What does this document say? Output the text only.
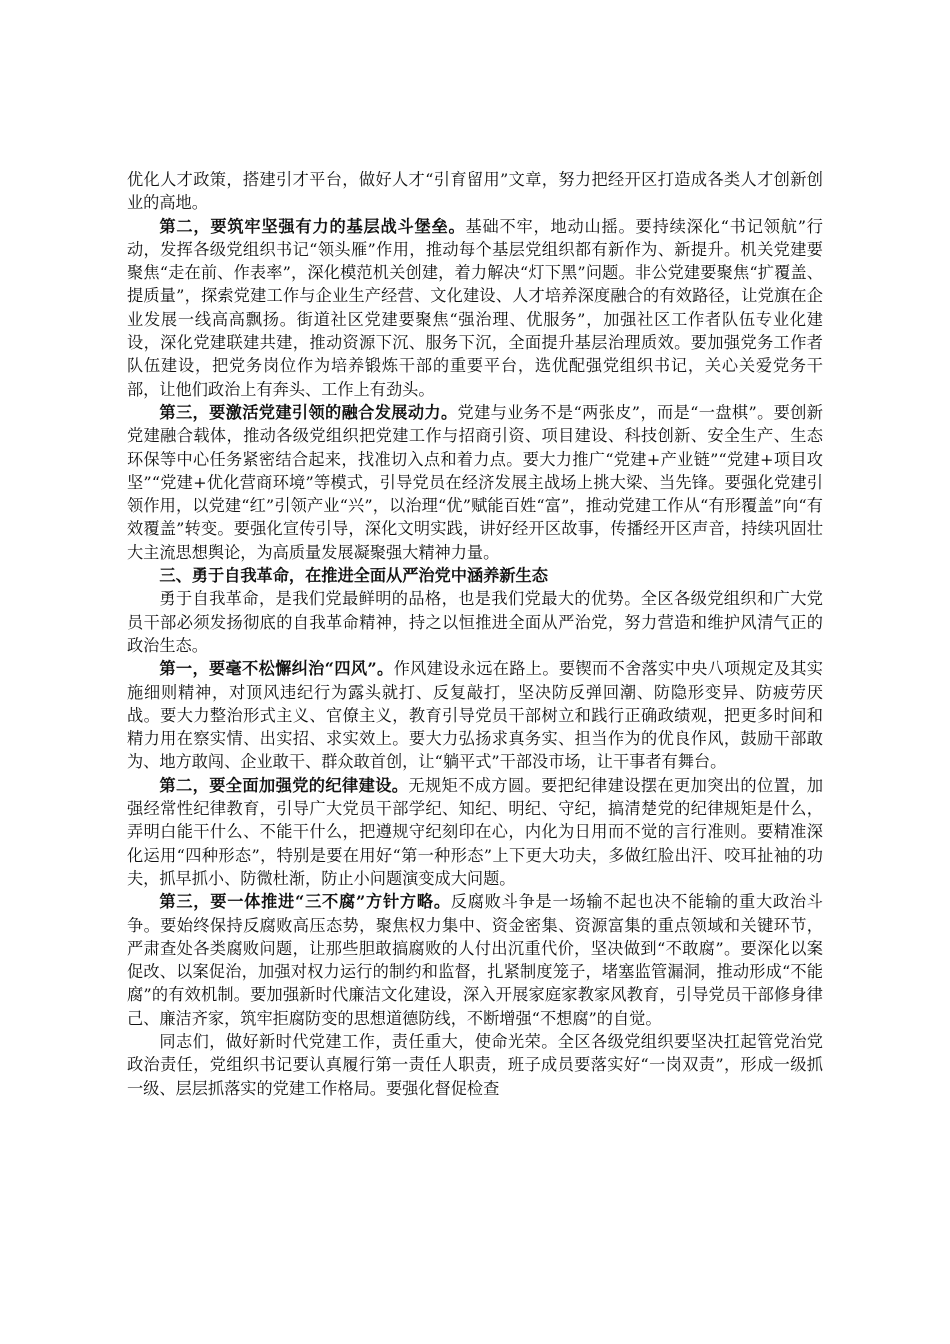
优化人才政策，搭建引才平台，做好人才“引育留用”文章，努力把经开区打造成各类人才创新创业的高地。

第二，要筑牢坚强有力的基层战斗堡垒。基础不牢，地动山摇。要持续深化“书记领航”行动，发挥各级党组织书记“领头雁”作用，推动每个基层党组织都有新作为、新提升。机关党建要聚焦“走在前、作表率”，深化模范机关创建，着力解决“灯下黑”问题。非公党建要聚焦“扩覆盖、提质量”，探索党建工作与企业生产经营、文化建设、人才培养深度融合的有效路径，让党旗在企业发展一线高高飘扬。街道社区党建要聚焦“强治理、优服务”，加强社区工作者队伍专业化建设，深化党建联建共建，推动资源下沉、服务下沉，全面提升基层治理质效。要加强党务工作者队伍建设，把党务岗位作为培养锻炼干部的重要平台，选优配强党组织书记，关心关爱党务干部，让他们政治上有奔头、工作上有劲头。

第三，要激活党建引领的融合发展动力。党建与业务不是“两张皮”，而是“一盘棋”。要创新党建融合载体，推动各级党组织把党建工作与招商引资、项目建设、科技创新、安全生产、生态环保等中心任务紧密结合起来，找准切入点和着力点。要大力推广“党建+产业链”“党建+项目攻坚”“党建+优化营商环境”等模式，引导党员在经济发展主战场上挑大梁、当先锋。要强化党建引领作用，以党建“红”引领产业“兴”，以治理“优”赋能百姓“富”，推动党建工作从“有形覆盖”向“有效覆盖”转变。要强化宣传引导，深化文明实践，讲好经开区故事，传播经开区声音，持续巩固壮大主流思想舆论，为高质量发展凝聚强大精神力量。

三、勇于自我革命，在推进全面从严治党中涵养新生态

勇于自我革命，是我们党最鲜明的品格，也是我们党最大的优势。全区各级党组织和广大党员干部必须发扬彻底的自我革命精神，持之以恒推进全面从严治党，努力营造和维护风清气正的政治生态。

第一，要毫不松懈纠治“四风”。作风建设永远在路上。要锲而不舍落实中央八项规定及其实施细则精神，对顶风违纪行为露头就打、反复敲打，坚决防反弹回潮、防隐形变异、防疲劳厌战。要大力整治形式主义、官僚主义，教育引导党员干部树立和践行正确政绩观，把更多时间和精力用在察实情、出实招、求实效上。要大力弘扬求真务实、担当作为的优良作风，鼓励干部敢为、地方敢闯、企业敢干、群众敢首创，让“躺平式”干部没市场，让干事者有舞台。

第二，要全面加强党的纪律建设。无规矩不成方圆。要把纪律建设摆在更加突出的位置，加强经常性纪律教育，引导广大党员干部学纪、知纪、明纪、守纪，搞清楚党的纪律规矩是什么，弄明白能干什么、不能干什么，把遵规守纪刻印在心，内化为日用而不觉的言行准则。要精准深化运用“四种形态”，特别是要在用好“第一种形态”上下更大功夫，多做红脸出汗、咬耳扯袖的功夫，抓早抓小、防微杜渐，防止小问题演变成大问题。

第三，要一体推进“三不腐”方针方略。反腐败斗争是一场输不起也决不能输的重大政治斗争。要始终保持反腐败高压态势，聚焦权力集中、资金密集、资源富集的重点领域和关键环节，严肃查处各类腐败问题，让那些胆敢搞腐败的人付出沉重代价，坚决做到“不敢腐”。要深化以案促改、以案促治，加强对权力运行的制约和监督，扎紧制度笼子，堵塞监管漏洞，推动形成“不能腐”的有效机制。要加强新时代廉洁文化建设，深入开展家庭家教家风教育，引导党员干部修身律己、廉洁齐家，筑牢拒腐防变的思想道德防线，不断增强“不想腐”的自觉。

同志们，做好新时代党建工作，责任重大，使命光荣。全区各级党组织要坚决扛起管党治党政治责任，党组织书记要认真履行第一责任人职责，班子成员要落实好“一岗双责”，形成一级抓一级、层层抓落实的党建工作格局。要强化督促检查
